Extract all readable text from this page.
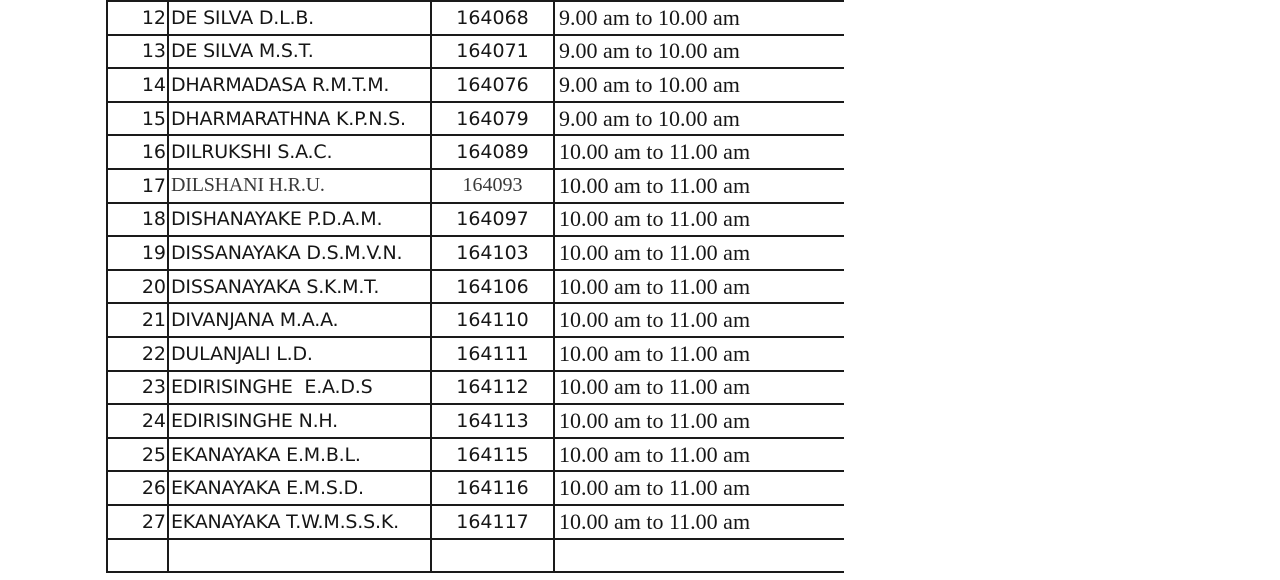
12	DE SILVA D.L.B.	164068	9.00 am to 10.00 am
13	DE SILVA M.S.T.	164071	9.00 am to 10.00 am
14	DHARMADASA R.M.T.M.	164076	9.00 am to 10.00 am
15	DHARMARATHNA K.P.N.S.	164079	9.00 am to 10.00 am
16	DILRUKSHI S.A.C.	164089	10.00 am to 11.00 am
17	DILSHANI H.R.U.	164093	10.00 am to 11.00 am
18	DISHANAYAKE P.D.A.M.	164097	10.00 am to 11.00 am
19	DISSANAYAKA D.S.M.V.N.	164103	10.00 am to 11.00 am
20	DISSANAYAKA S.K.M.T.	164106	10.00 am to 11.00 am
21	DIVANJANA M.A.A.	164110	10.00 am to 11.00 am
22	DULANJALI L.D.	164111	10.00 am to 11.00 am
23	EDIRISINGHE  E.A.D.S	164112	10.00 am to 11.00 am
24	EDIRISINGHE N.H.	164113	10.00 am to 11.00 am
25	EKANAYAKA E.M.B.L.	164115	10.00 am to 11.00 am
26	EKANAYAKA E.M.S.D.	164116	10.00 am to 11.00 am
27	EKANAYAKA T.W.M.S.S.K.	164117	10.00 am to 11.00 am
